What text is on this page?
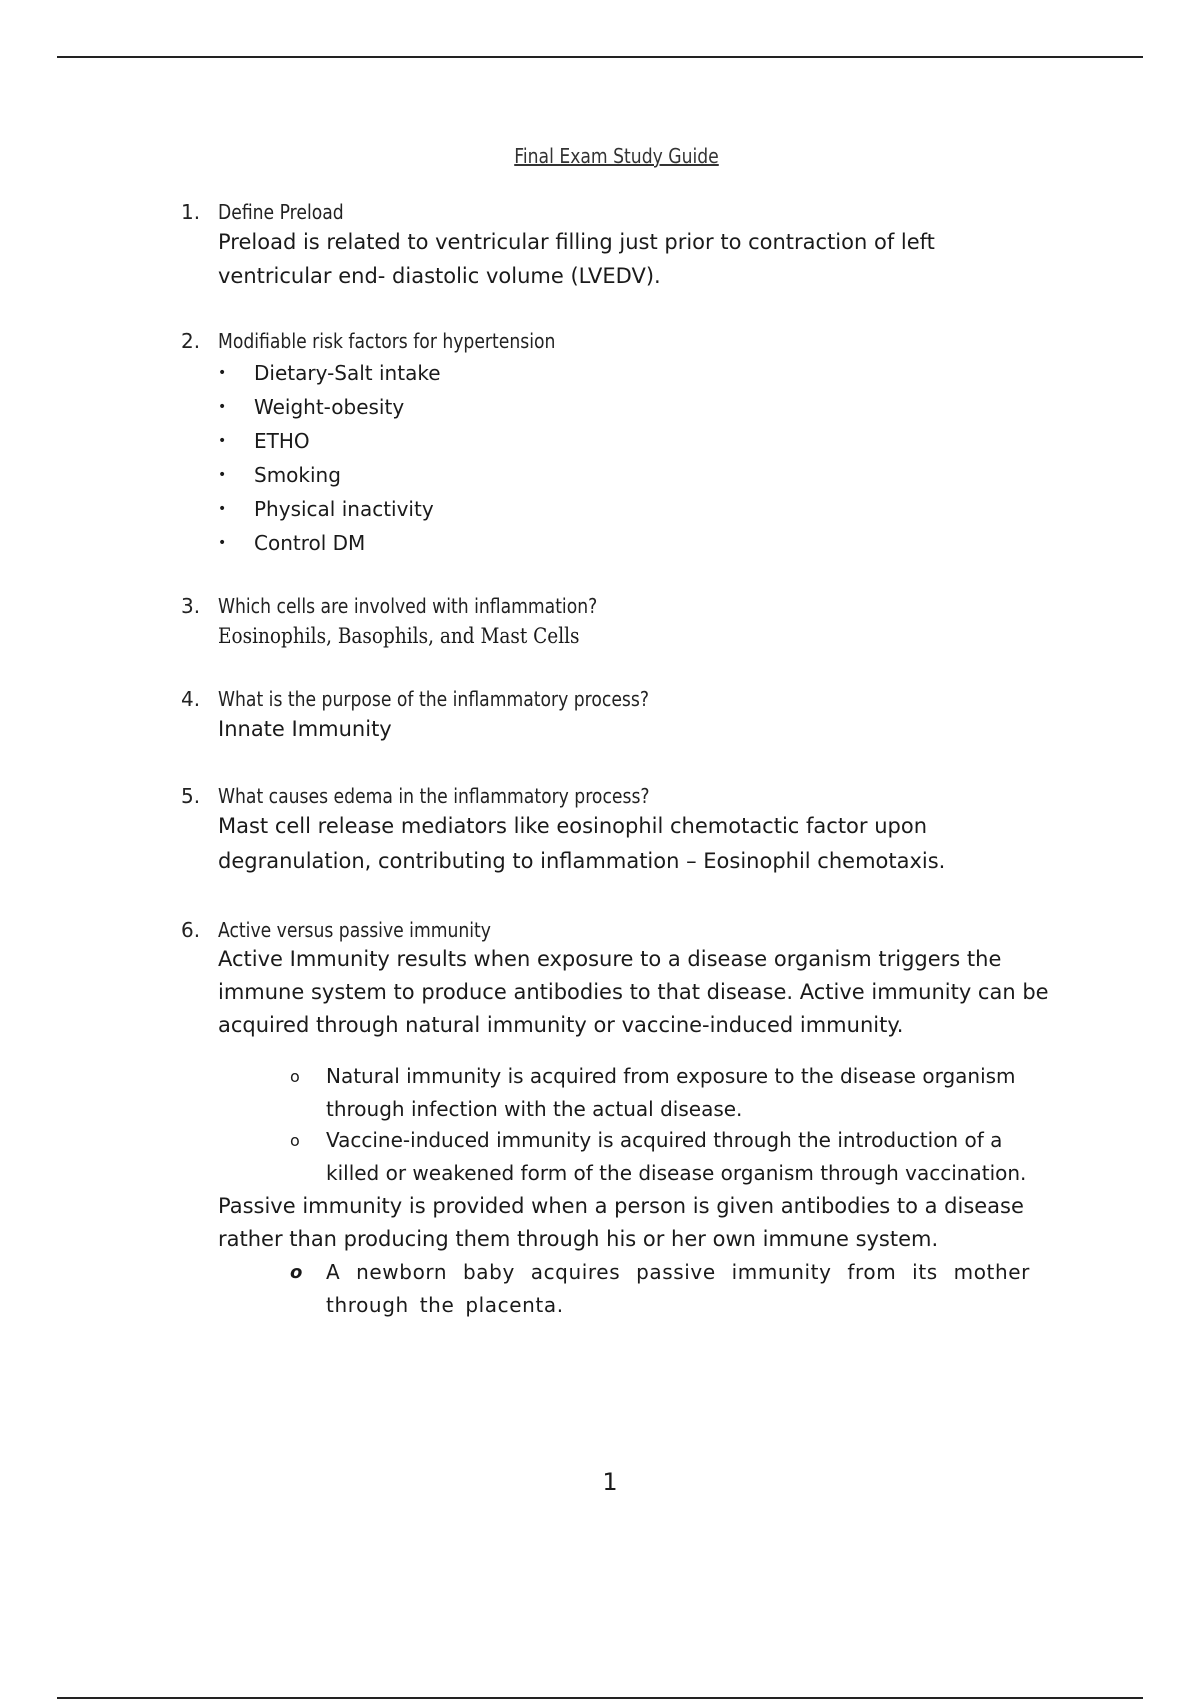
Final Exam Study Guide
1. Define Preload
Preload is related to ventricular filling just prior to contraction of left ventricular end- diastolic volume (LVEDV).
2. Modifiable risk factors for hypertension
•	Dietary-Salt intake
•	Weight-obesity
•	ETHO
•	Smoking
•	Physical inactivity
•	Control DM
3. Which cells are involved with inflammation?
Eosinophils, Basophils, and Mast Cells
4. What is the purpose of the inflammatory process?
Innate Immunity
5. What causes edema in the inflammatory process?
Mast cell release mediators like eosinophil chemotactic factor upon degranulation, contributing to inflammation – Eosinophil chemotaxis.
6. Active versus passive immunity
Active Immunity results when exposure to a disease organism triggers the immune system to produce antibodies to that disease. Active immunity can be acquired through natural immunity or vaccine-induced immunity.
o	Natural immunity is acquired from exposure to the disease organism through infection with the actual disease.
o	Vaccine-induced immunity is acquired through the introduction of a killed or weakened form of the disease organism through vaccination.
Passive immunity is provided when a person is given antibodies to a disease rather than producing them through his or her own immune system.
o	A newborn baby acquires passive immunity from its mother through the placenta.
1
